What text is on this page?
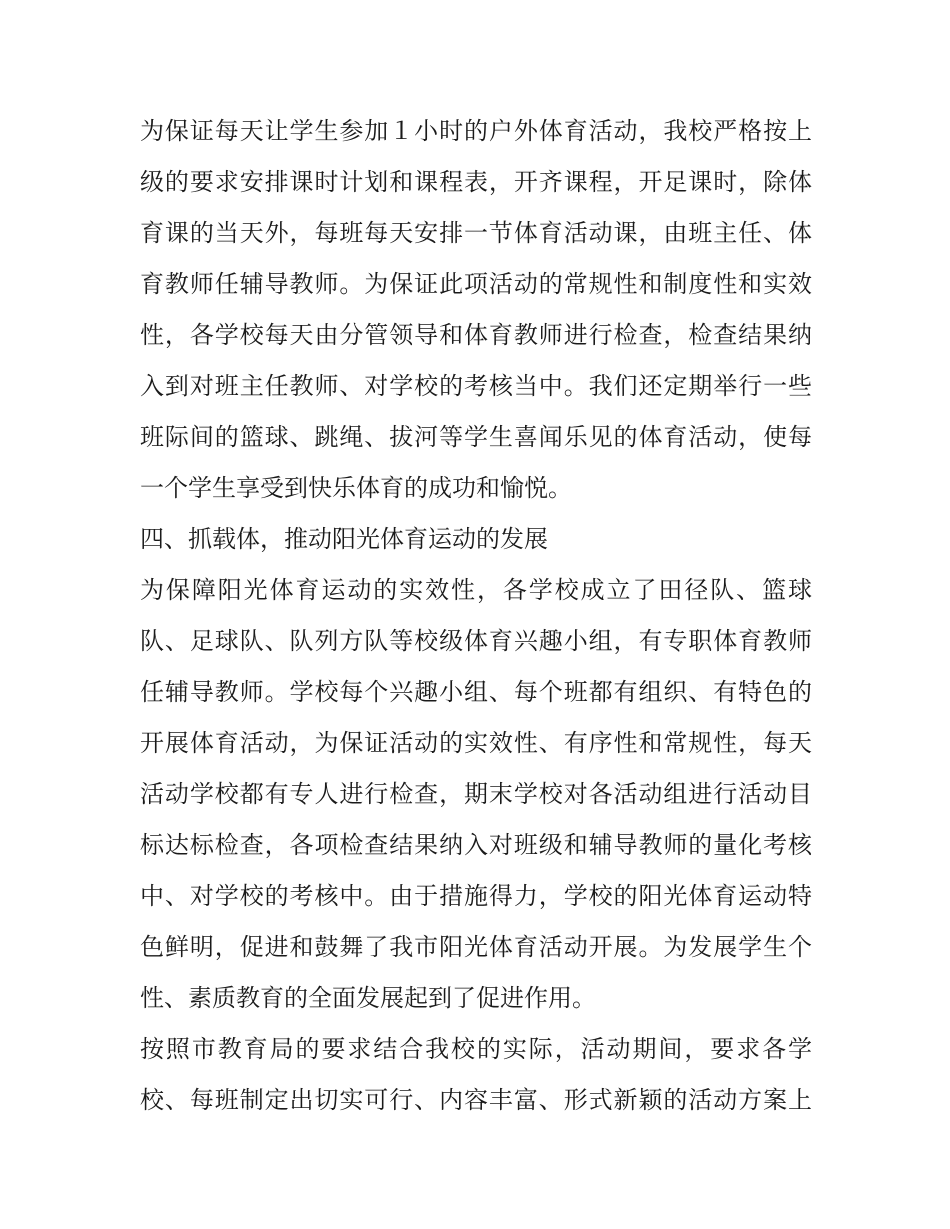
为保证每天让学生参加１小时的户外体育活动，我校严格按上
级的要求安排课时计划和课程表，开齐课程，开足课时，除体
育课的当天外，每班每天安排一节体育活动课，由班主任、体
育教师任辅导教师。为保证此项活动的常规性和制度性和实效
性，各学校每天由分管领导和体育教师进行检查，检查结果纳
入到对班主任教师、对学校的考核当中。我们还定期举行一些
班际间的篮球、跳绳、拔河等学生喜闻乐见的体育活动，使每
一个学生享受到快乐体育的成功和愉悦。
四、抓载体，推动阳光体育运动的发展
为保障阳光体育运动的实效性，各学校成立了田径队、篮球
队、足球队、队列方队等校级体育兴趣小组，有专职体育教师
任辅导教师。学校每个兴趣小组、每个班都有组织、有特色的
开展体育活动，为保证活动的实效性、有序性和常规性，每天
活动学校都有专人进行检查，期末学校对各活动组进行活动目
标达标检查，各项检查结果纳入对班级和辅导教师的量化考核
中、对学校的考核中。由于措施得力，学校的阳光体育运动特
色鲜明，促进和鼓舞了我市阳光体育活动开展。为发展学生个
性、素质教育的全面发展起到了促进作用。
按照市教育局的要求结合我校的实际，活动期间，要求各学
校、每班制定出切实可行、内容丰富、形式新颖的活动方案上
